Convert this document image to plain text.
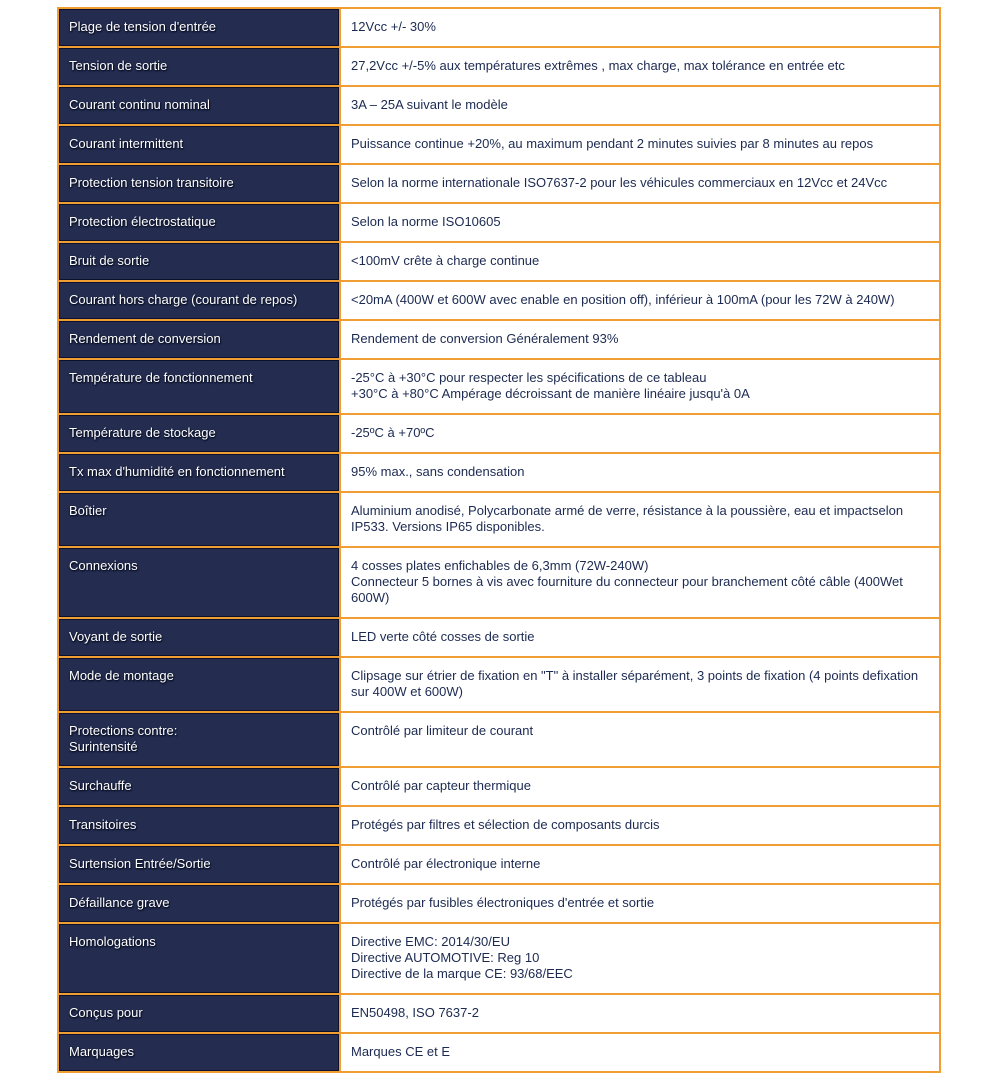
Plage de tension d'entrée	12Vcc +/- 30%
Tension de sortie	27,2Vcc +/-5% aux températures extrêmes , max charge, max tolérance en entrée etc
Courant continu nominal	3A – 25A suivant le modèle
Courant intermittent	Puissance continue +20%, au maximum pendant 2 minutes suivies par 8 minutes au repos
Protection tension transitoire	Selon la norme internationale ISO7637-2 pour les véhicules commerciaux en 12Vcc et 24Vcc
Protection électrostatique	Selon la norme ISO10605
Bruit de sortie	<100mV crête à charge continue
Courant hors charge (courant de repos)	<20mA (400W et 600W avec enable en position off), inférieur à 100mA (pour les 72W à 240W)
Rendement de conversion	Rendement de conversion Généralement 93%
Température de fonctionnement	-25°C à +30°C pour respecter les spécifications de ce tableau
+30°C à +80°C Ampérage décroissant de manière linéaire jusqu'à 0A
Température de stockage	-25ºC à +70ºC
Tx max d'humidité en fonctionnement	95% max., sans condensation
Boîtier	Aluminium anodisé, Polycarbonate armé de verre, résistance à la poussière, eau et impactselon
IP533. Versions IP65 disponibles.
Connexions	4 cosses plates enfichables de 6,3mm (72W-240W)
Connecteur 5 bornes à vis avec fourniture du connecteur pour branchement côté câble (400Wet
600W)
Voyant de sortie	LED verte côté cosses de sortie
Mode de montage	Clipsage sur étrier de fixation en "T" à installer séparément, 3 points de fixation (4 points defixation
sur 400W et 600W)
Protections contre:
Surintensité	Contrôlé par limiteur de courant
Surchauffe	Contrôlé par capteur thermique
Transitoires	Protégés par filtres et sélection de composants durcis
Surtension Entrée/Sortie	Contrôlé par électronique interne
Défaillance grave	Protégés par fusibles électroniques d'entrée et sortie
Homologations	Directive EMC: 2014/30/EU
Directive AUTOMOTIVE: Reg 10
Directive de la marque CE: 93/68/EEC
Conçus pour	EN50498, ISO 7637-2
Marquages	Marques CE et E
